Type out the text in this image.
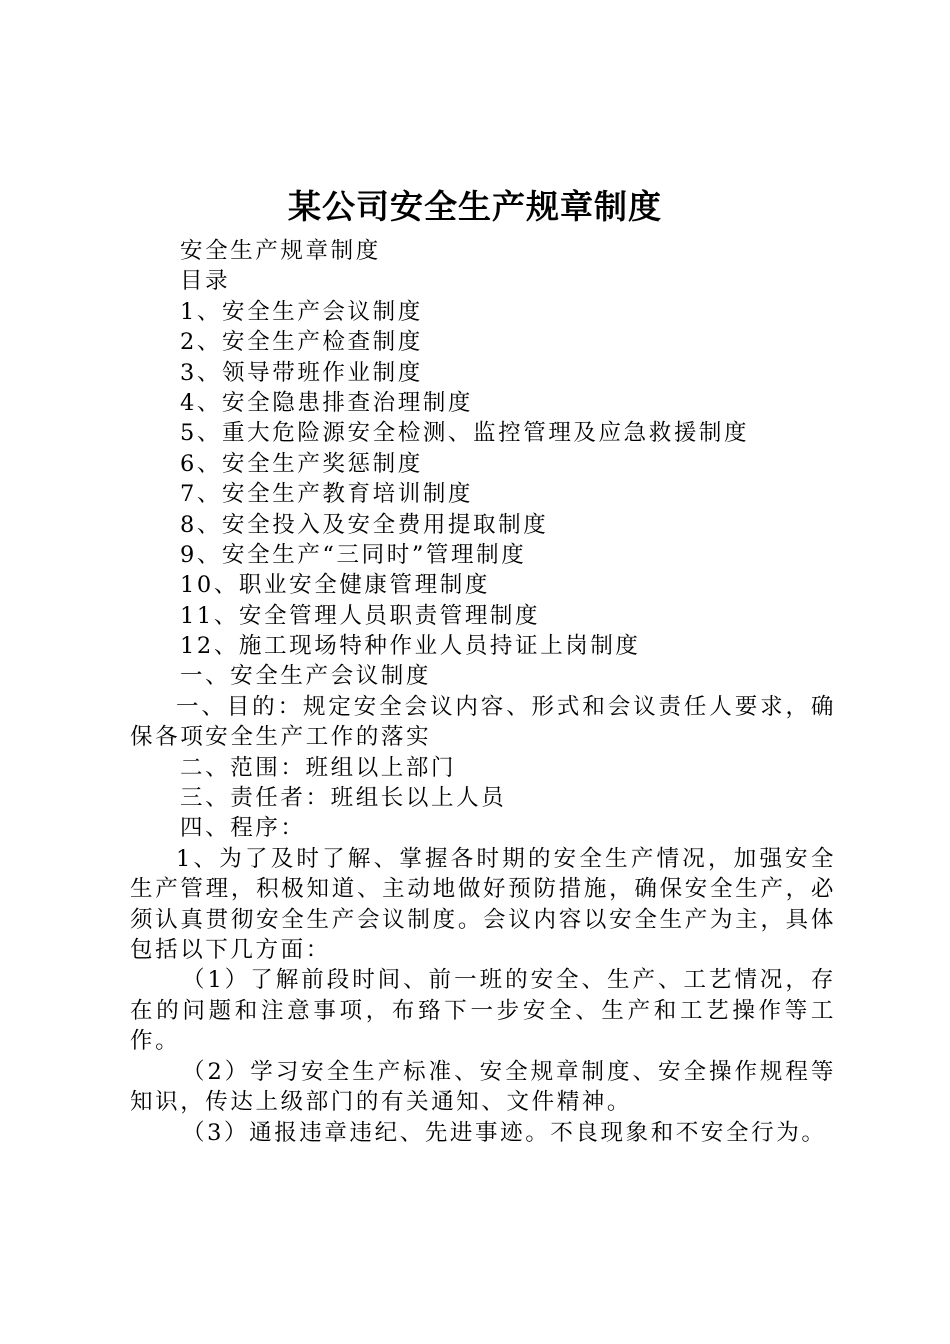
某公司安全生产规章制度
安全生产规章制度
目录
1、安全生产会议制度
2、安全生产检查制度
3、领导带班作业制度
4、安全隐患排查治理制度
5、重大危险源安全检测、监控管理及应急救援制度
6、安全生产奖惩制度
7、安全生产教育培训制度
8、安全投入及安全费用提取制度
9、安全生产“三同时”管理制度
10、职业安全健康管理制度
11、安全管理人员职责管理制度
12、施工现场特种作业人员持证上岗制度
一、安全生产会议制度
一、目的：规定安全会议内容、形式和会议责任人要求，确保各项安全生产工作的落实
二、范围：班组以上部门
三、责任者：班组长以上人员
四、程序：
1、为了及时了解、掌握各时期的安全生产情况，加强安全生产管理，积极知道、主动地做好预防措施，确保安全生产，必须认真贯彻安全生产会议制度。会议内容以安全生产为主，具体包括以下几方面：
（1）了解前段时间、前一班的安全、生产、工艺情况，存在的问题和注意事项，布臵下一步安全、生产和工艺操作等工作。
（2）学习安全生产标准、安全规章制度、安全操作规程等知识，传达上级部门的有关通知、文件精神。
（3）通报违章违纪、先进事迹。不良现象和不安全行为。
